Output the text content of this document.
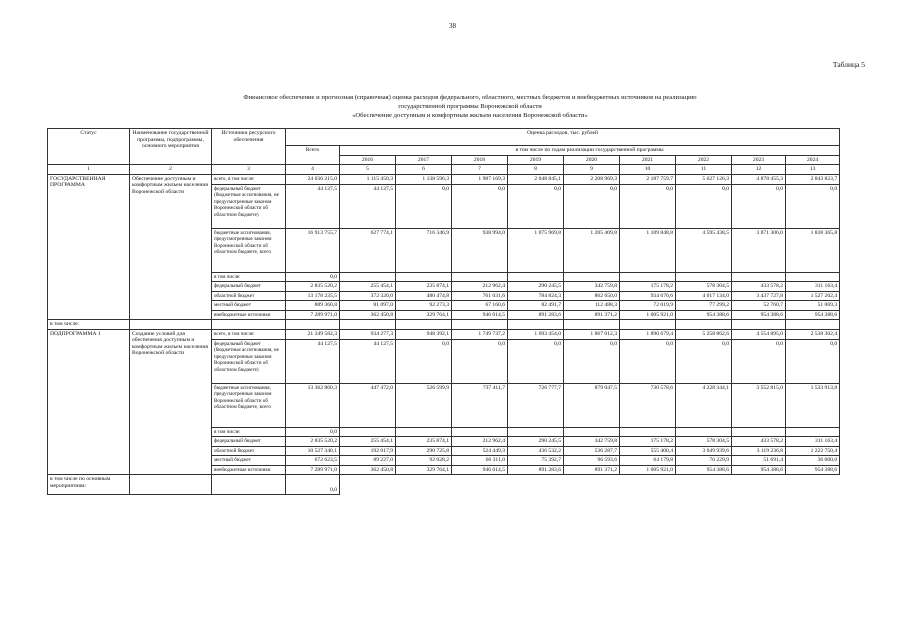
38
Таблица 5
Финансовое обеспечение и прогнозная (справочная) оценка расходов федерального, областного, местных бюджетов и внебюджетных источников на реализацию
государственной программы Воронежской области
«Обеспечение доступным и комфортным жильем населения Воронежской области»
Статус	Наименование государственной программы, подпрограммы, основного мероприятия	Источники ресурсного обеспечения	Оценка расходов, тыс. рублей									
			Всего	в том числе по годам реализации государственной программы								
				2016	2017	2018	2019	2020	2021	2022	2023	2024
1	2	3	4	5	6	7	8	9	10	11	12	13
ГОСУДАРСТВЕННАЯ ПРОГРАММА	Обеспечение доступным и комфортным жильем населения Воронежской области	всего, в том числе:	24 036 215,0	1 115 450,3	1 138 596,3	1 987 169,3	2 048 845,1	2 208 969,3	2 187 759,7	5 627 126,3	4 878 455,3	2 843 823,7
		федеральный бюджет (бюджетные ассигнования, не предусмотренные законом Воронежской области об областном бюджете)	44 127,5	44 127,5	0,0	0,0	0,0	0,0	0,0	0,0	0,0	0,0
		бюджетные ассигнования, предусмотренные законом Воронежской области об областном бюджете, всего	16 913 755,7	627 774,1	716 346,9	938 994,0	1 075 969,8	1 205 409,8	1 109 848,8	4 595 438,5	3 871 306,0	1 838 365,8
		в том числе:	0,0									
		федеральный бюджет	2 835 520,2	255 454,1	235 874,1	212 962,4	290 245,5	342 759,8	175 178,2	578 304,5	433 578,2	311 163,4
		областной бюджет	13 178 235,5	372 320,0	480 474,8	761 031,6	784 824,3	862 650,0	934 670,6	4 017 134,0	3 437 727,8	1 527 202,4
		местный бюджет	889 360,8	81 097,0	92 273,3	67 160,6	82 491,7	112 488,3	72 019,9	77 299,2	52 760,7	51 069,3
		внебюджетные источники	7 289 971,0	362 450,8	329 764,1	946 014,5	891 283,6	891 371,2	1 005 921,0	954 388,6	954 388,6	954 388,6
в том числе:												
ПОДПРОГРАММА 1	Создание условий для обеспечения доступным и комфортным жильем населения Воронежской области	всего, в том числе:	21 349 582,3	934 277,3	948 392,1	1 749 737,2	1 693 454,0	1 867 012,3	1 890 679,4	5 258 862,6	4 554 895,0	2 538 302,4
		федеральный бюджет (бюджетные ассигнования, не предусмотренные законом Воронежской области об областном бюджете)	44 127,5	44 127,5	0,0	0,0	0,0	0,0	0,0	0,0	0,0	0,0
		бюджетные ассигнования, предусмотренные законом Воронежской области об областном бюджете, всего	13 362 860,3	447 472,0	526 599,9	737 411,7	726 777,7	879 047,5	730 578,6	4 228 344,1	3 552 815,0	1 533 913,8
		в том числе:	0,0									
		федеральный бюджет	2 835 520,2	255 454,1	235 874,1	212 962,4	290 245,5	342 759,8	175 178,2	578 304,5	433 578,2	311 163,4
		областной бюджет	10 527 340,1	192 017,9	290 725,8	524 449,3	436 532,2	536 287,7	555 400,4	3 649 939,6	3 119 236,8	1 222 750,4
		местный бюджет	672 623,5	89 227,0	92 028,2	66 311,0	75 392,7	96 593,6	64 179,8	76 229,9	51 691,4	36 000,0
		внебюджетные источники	7 289 971,0	362 450,8	329 764,1	946 014,5	891 283,6	891 371,2	1 005 921,0	954 388,6	954 388,6	954 388,6
в том числе по основным мероприятиям:			0,0									
